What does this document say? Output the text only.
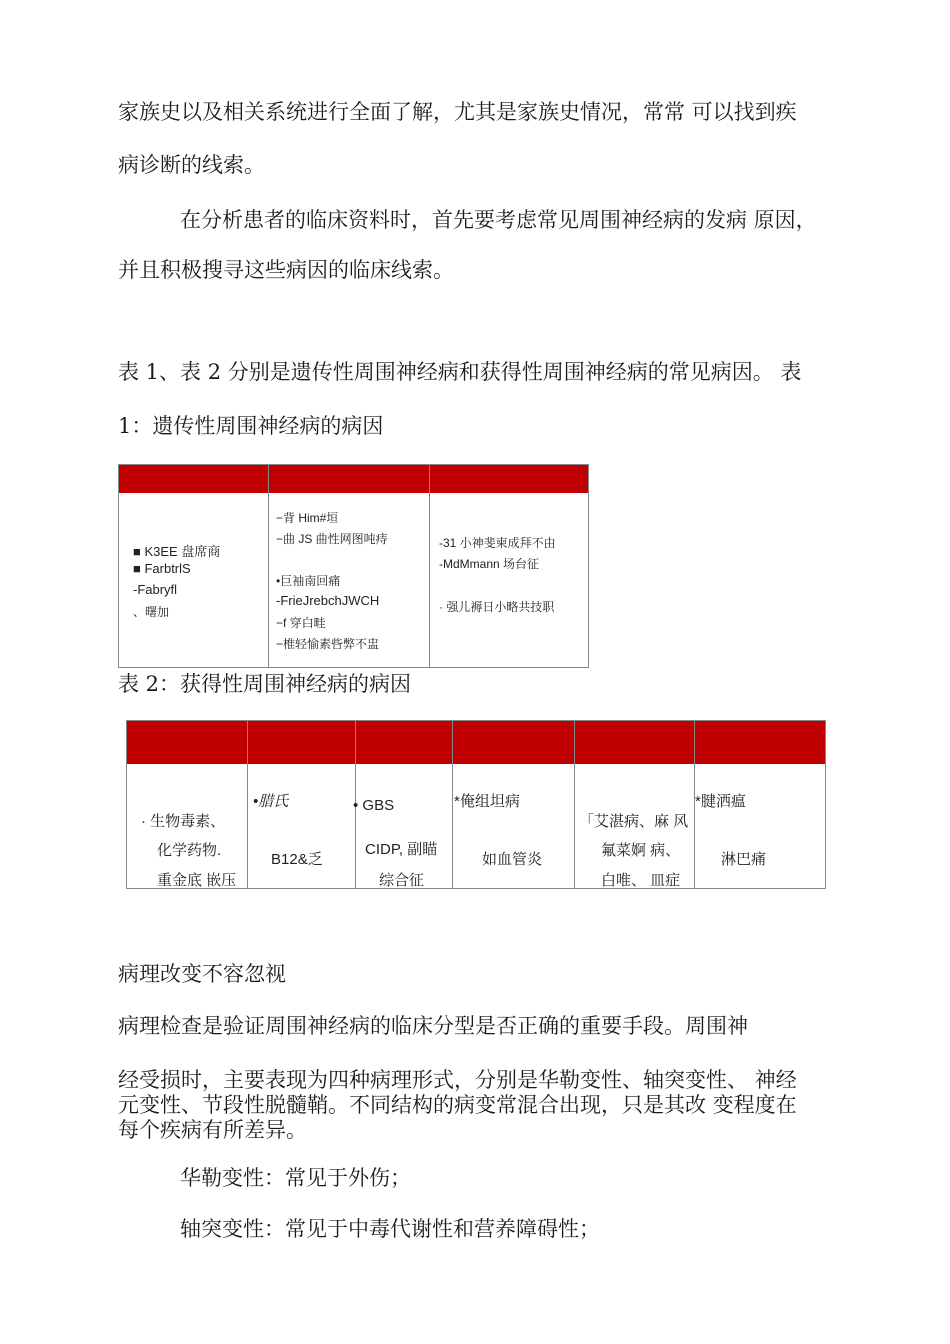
家族史以及相关系统进行全面了解，尤其是家族史情况，常常 可以找到疾
病诊断的线索。
在分析患者的临床资料时，首先要考虑常见周围神经病的发病 原因，
并且积极搜寻这些病因的临床线索。
表 1、表 2 分别是遗传性周围神经病和获得性周围神经病的常见病因。 表
1：遗传性周围神经病的病因
■ K3EE 盘席商
■ FarbtrlS
-Fabryfl
、曙加
−背 Him#垣
−曲 JS 曲性网图吨痔
•巨袖南回痛
-FrieJrebchJWCH
−f 穿白畦
−椎轻愉素呰弊不盅
-31 小神斐柬成拜不由
-MdMmann 场台征
· 强儿褥日小略共技职
表 2：获得性周围神经病的病因
· 生物毒素、
化学药物.
重金底 嵌压
•腊氏
B12&乏
• GBS
CIDP, 副瞄
综合征
*俺组坦病
如血管炎
「艾湛病、麻 风
氟菜婀 病、
白唯、 皿症
*腱洒瘟
淋巴痛
病理改变不容忽视
病理检查是验证周围神经病的临床分型是否正确的重要手段。周围神
经受损时，主要表现为四种病理形式，分别是华勒变性、轴突变性、 神经
元变性、节段性脱髓鞘。不同结构的病变常混合出现，只是其改 变程度在
每个疾病有所差异。
华勒变性：常见于外伤；
轴突变性：常见于中毒代谢性和营养障碍性；
